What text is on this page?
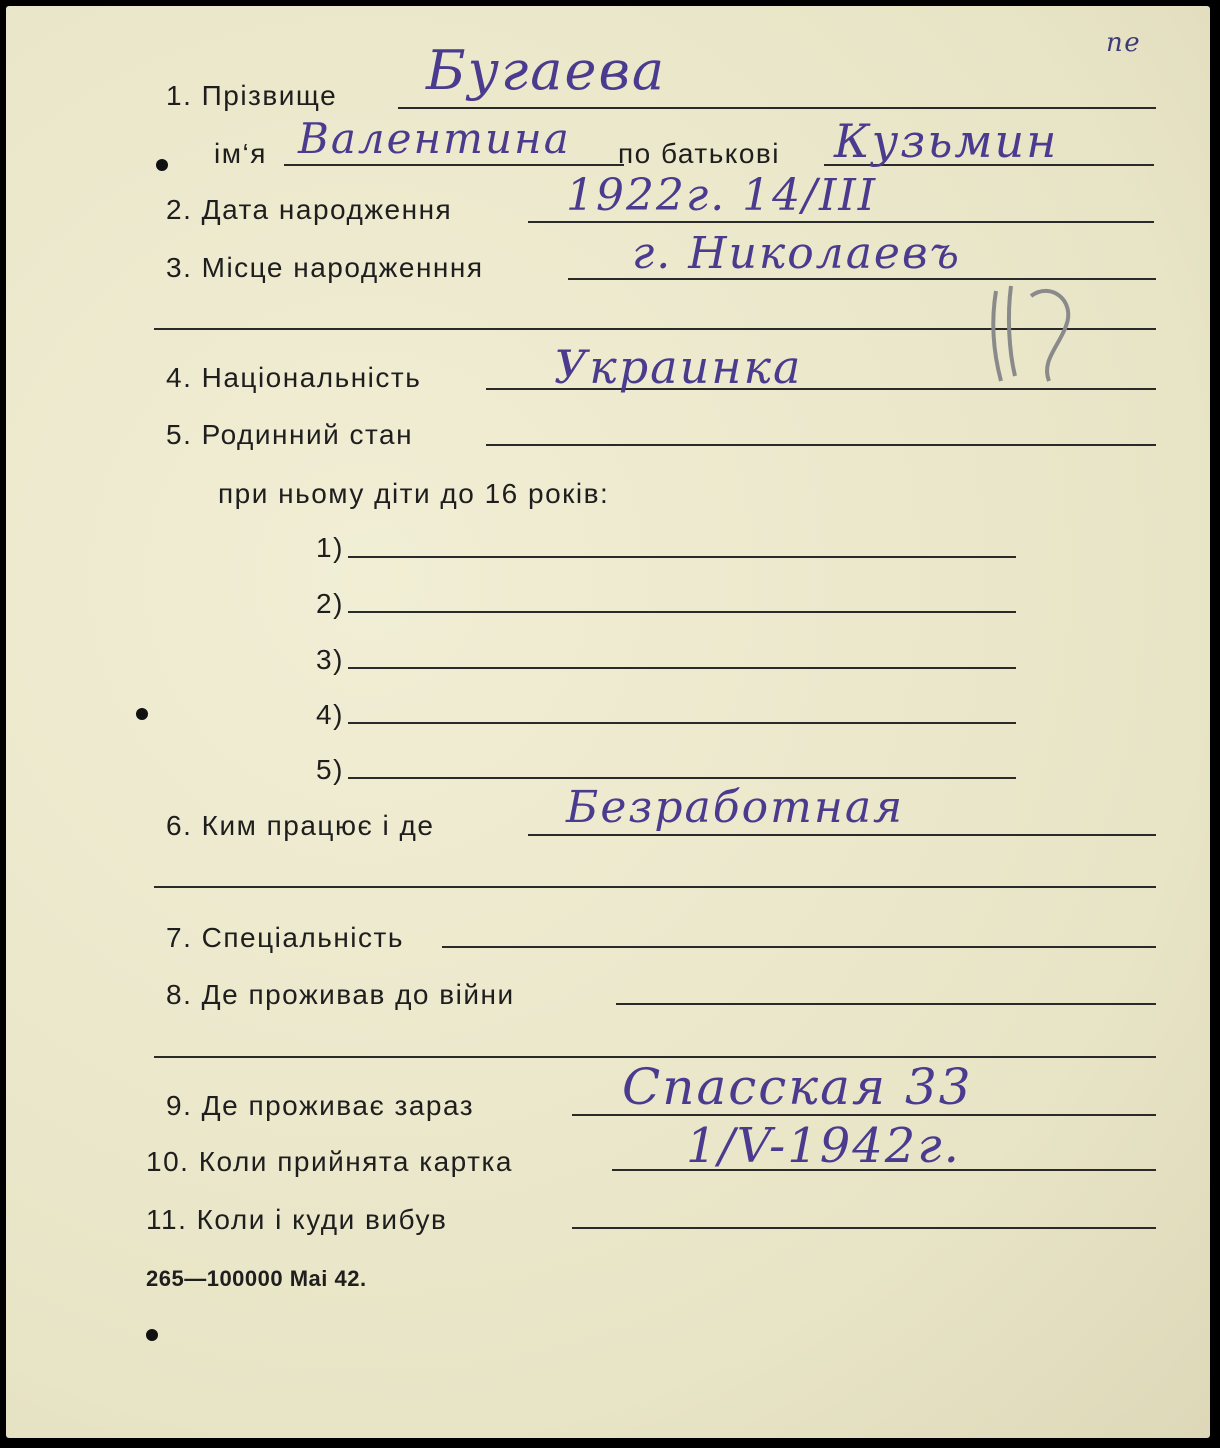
пе
1. Прізвище Бугаева
ім‘я Валентина по батькові Кузьмин
2. Дата народження	1922г. 14/III
3. Місце народженння	г. Николаевъ
4. Національність	Украинка
5. Родинний стан
при ньому діти до 16 років:
1)
2)
3)
4)
5)
6. Ким працює і де	Безработная
7. Спеціальність
8. Де проживав до війни
9. Де проживає зараз	Спасская 33
10. Коли прийнята картка	1/V-1942г.
11. Коли і куди вибув
265—100000 Mai 42.
